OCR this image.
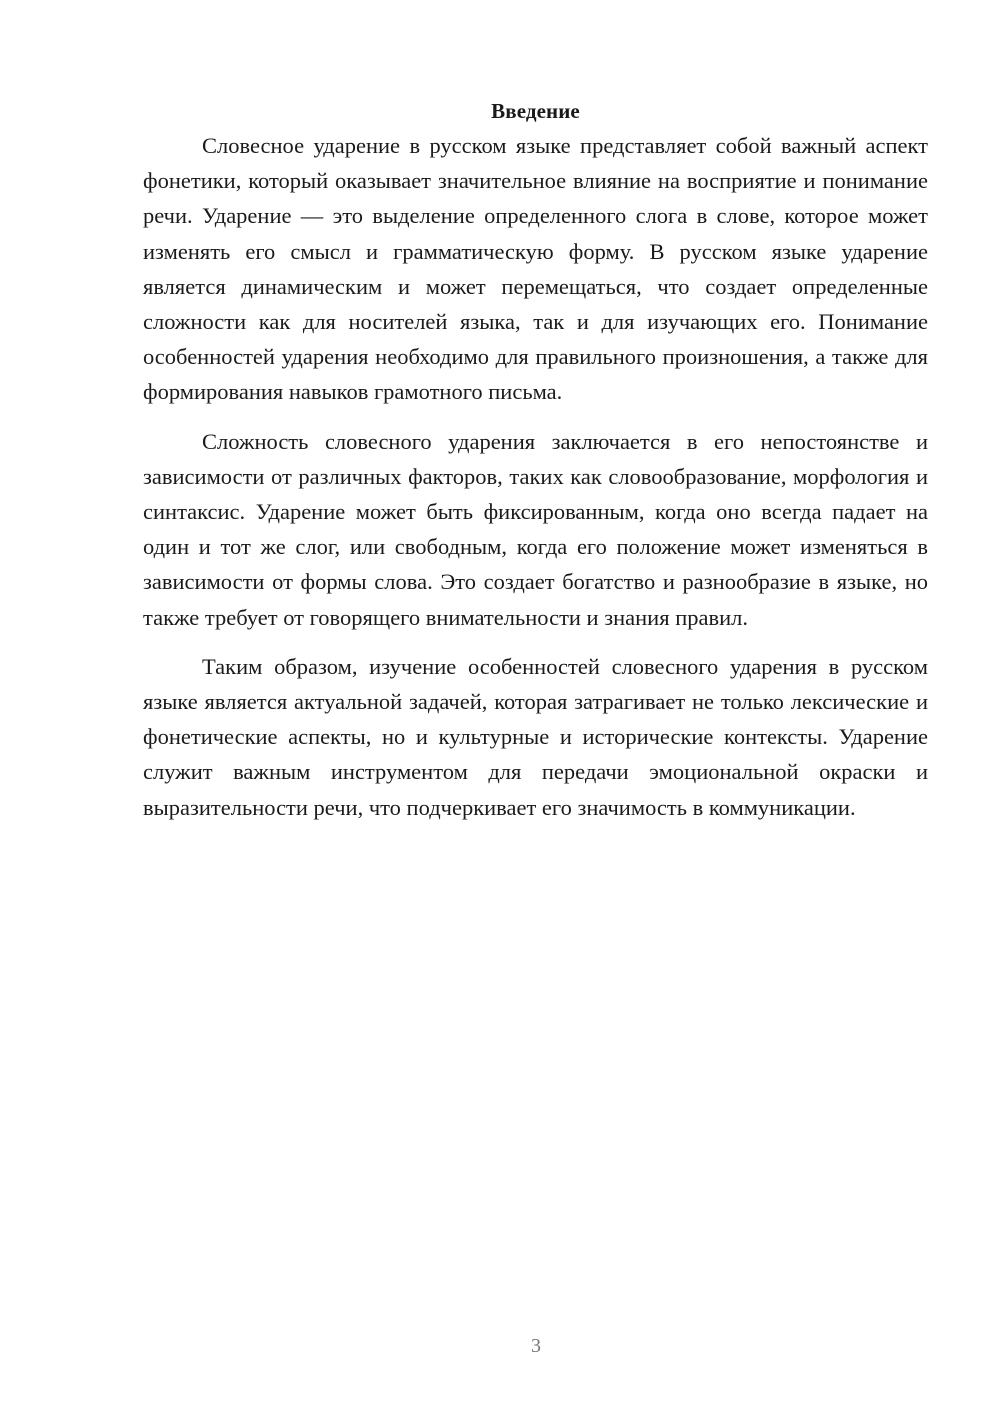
Введение

Словесное ударение в русском языке представляет собой важный аспект фонетики, который оказывает значительное влияние на восприятие и понимание речи. Ударение — это выделение определенного слога в слове, которое может изменять его смысл и грамматическую форму. В русском языке ударение является динамическим и может перемещаться, что создает определенные сложности как для носителей языка, так и для изучающих его. Понимание особенностей ударения необходимо для правильного произношения, а также для формирования навыков грамотного письма.

Сложность словесного ударения заключается в его непостоянстве и зависимости от различных факторов, таких как словообразование, морфология и синтаксис. Ударение может быть фиксированным, когда оно всегда падает на один и тот же слог, или свободным, когда его положение может изменяться в зависимости от формы слова. Это создает богатство и разнообразие в языке, но также требует от говорящего внимательности и знания правил.

Таким образом, изучение особенностей словесного ударения в русском языке является актуальной задачей, которая затрагивает не только лексические и фонетические аспекты, но и культурные и исторические контексты. Ударение служит важным инструментом для передачи эмоциональной окраски и выразительности речи, что подчеркивает его значимость в коммуникации.

3
